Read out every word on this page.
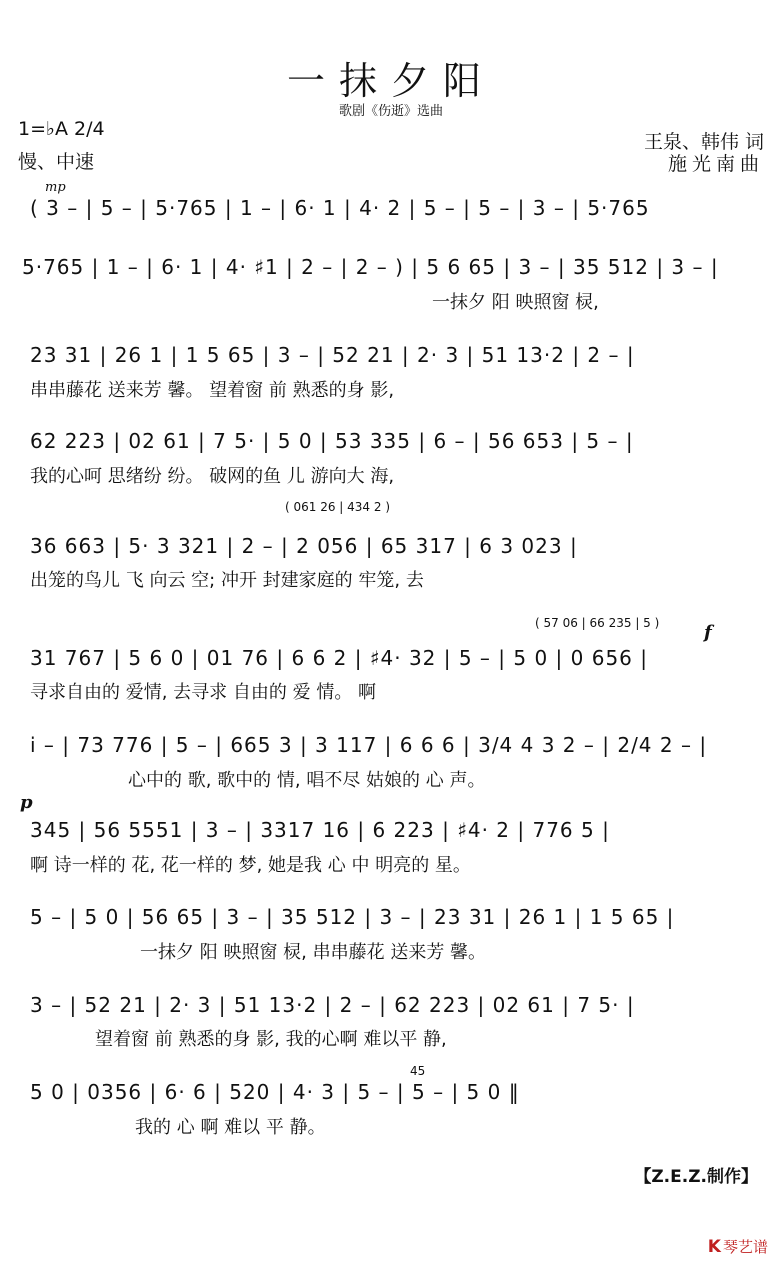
一抹夕阳
歌剧《伤逝》选曲
1=♭A 2/4
慢、中速
王泉、韩伟 词
施光南曲
mp
( 3 – | 5 – | 5·765 | 1 – | 6· 1 | 4· 2 | 5 – | 5 – | 3 – | 5·765
5·765 | 1 – | 6· 1 | 4· ♯1 | 2 – | 2 – ) | 5 6 65 | 3 – | 35 512 | 3 – |
一抹夕 阳 映照窗 棂,
23 31 | 26 1 | 1 5 65 | 3 – | 52 21 | 2· 3 | 51 13·2 | 2 – |
串串藤花 送来芳 馨。 望着窗 前 熟悉的身 影,
62 223 | 02 61 | 7 5· | 5 0 | 53 335 | 6 – | 56 653 | 5 – |
我的心呵 思绪纷 纷。 破网的鱼 儿 游向大 海,
( 061 26 | 434 2 )
36 663 | 5· 3 321 | 2 – | 2 056 | 65 317 | 6 3 023 |
出笼的鸟儿 飞 向云 空; 冲开 封建家庭的 牢笼, 去
( 57 06 | 66 235 | 5 ) f
31 767 | 5 6 0 | 01 76 | 6 6 2 | ♯4· 32 | 5 – | 5 0 | 0 656 |
寻求自由的 爱情, 去寻求 自由的 爱 情。 啊
i – | 73 776 | 5 – | 665 3 | 3 117 | 6 6 6 | 3/4 4 3 2 – | 2/4 2 – |
心中的 歌, 歌中的 情, 唱不尽 姑娘的 心 声。
p
345 | 56 5551 | 3 – | 3317 16 | 6 223 | ♯4· 2 | 776 5 |
啊 诗一样的 花, 花一样的 梦, 她是我 心 中 明亮的 星。
5 – | 5 0 | 56 65 | 3 – | 35 512 | 3 – | 23 31 | 26 1 | 1 5 65 |
一抹夕 阳 映照窗 棂, 串串藤花 送来芳 馨。
3 – | 52 21 | 2· 3 | 51 13·2 | 2 – | 62 223 | 02 61 | 7 5· |
望着窗 前 熟悉的身 影, 我的心啊 难以平 静,
45
5 0 | 0356 | 6· 6 | 520 | 4· 3 | 5 – | 5 – | 5 0 ‖
我的 心 啊 难以 平 静。
【Z.E.Z.制作】
K 琴艺谱
